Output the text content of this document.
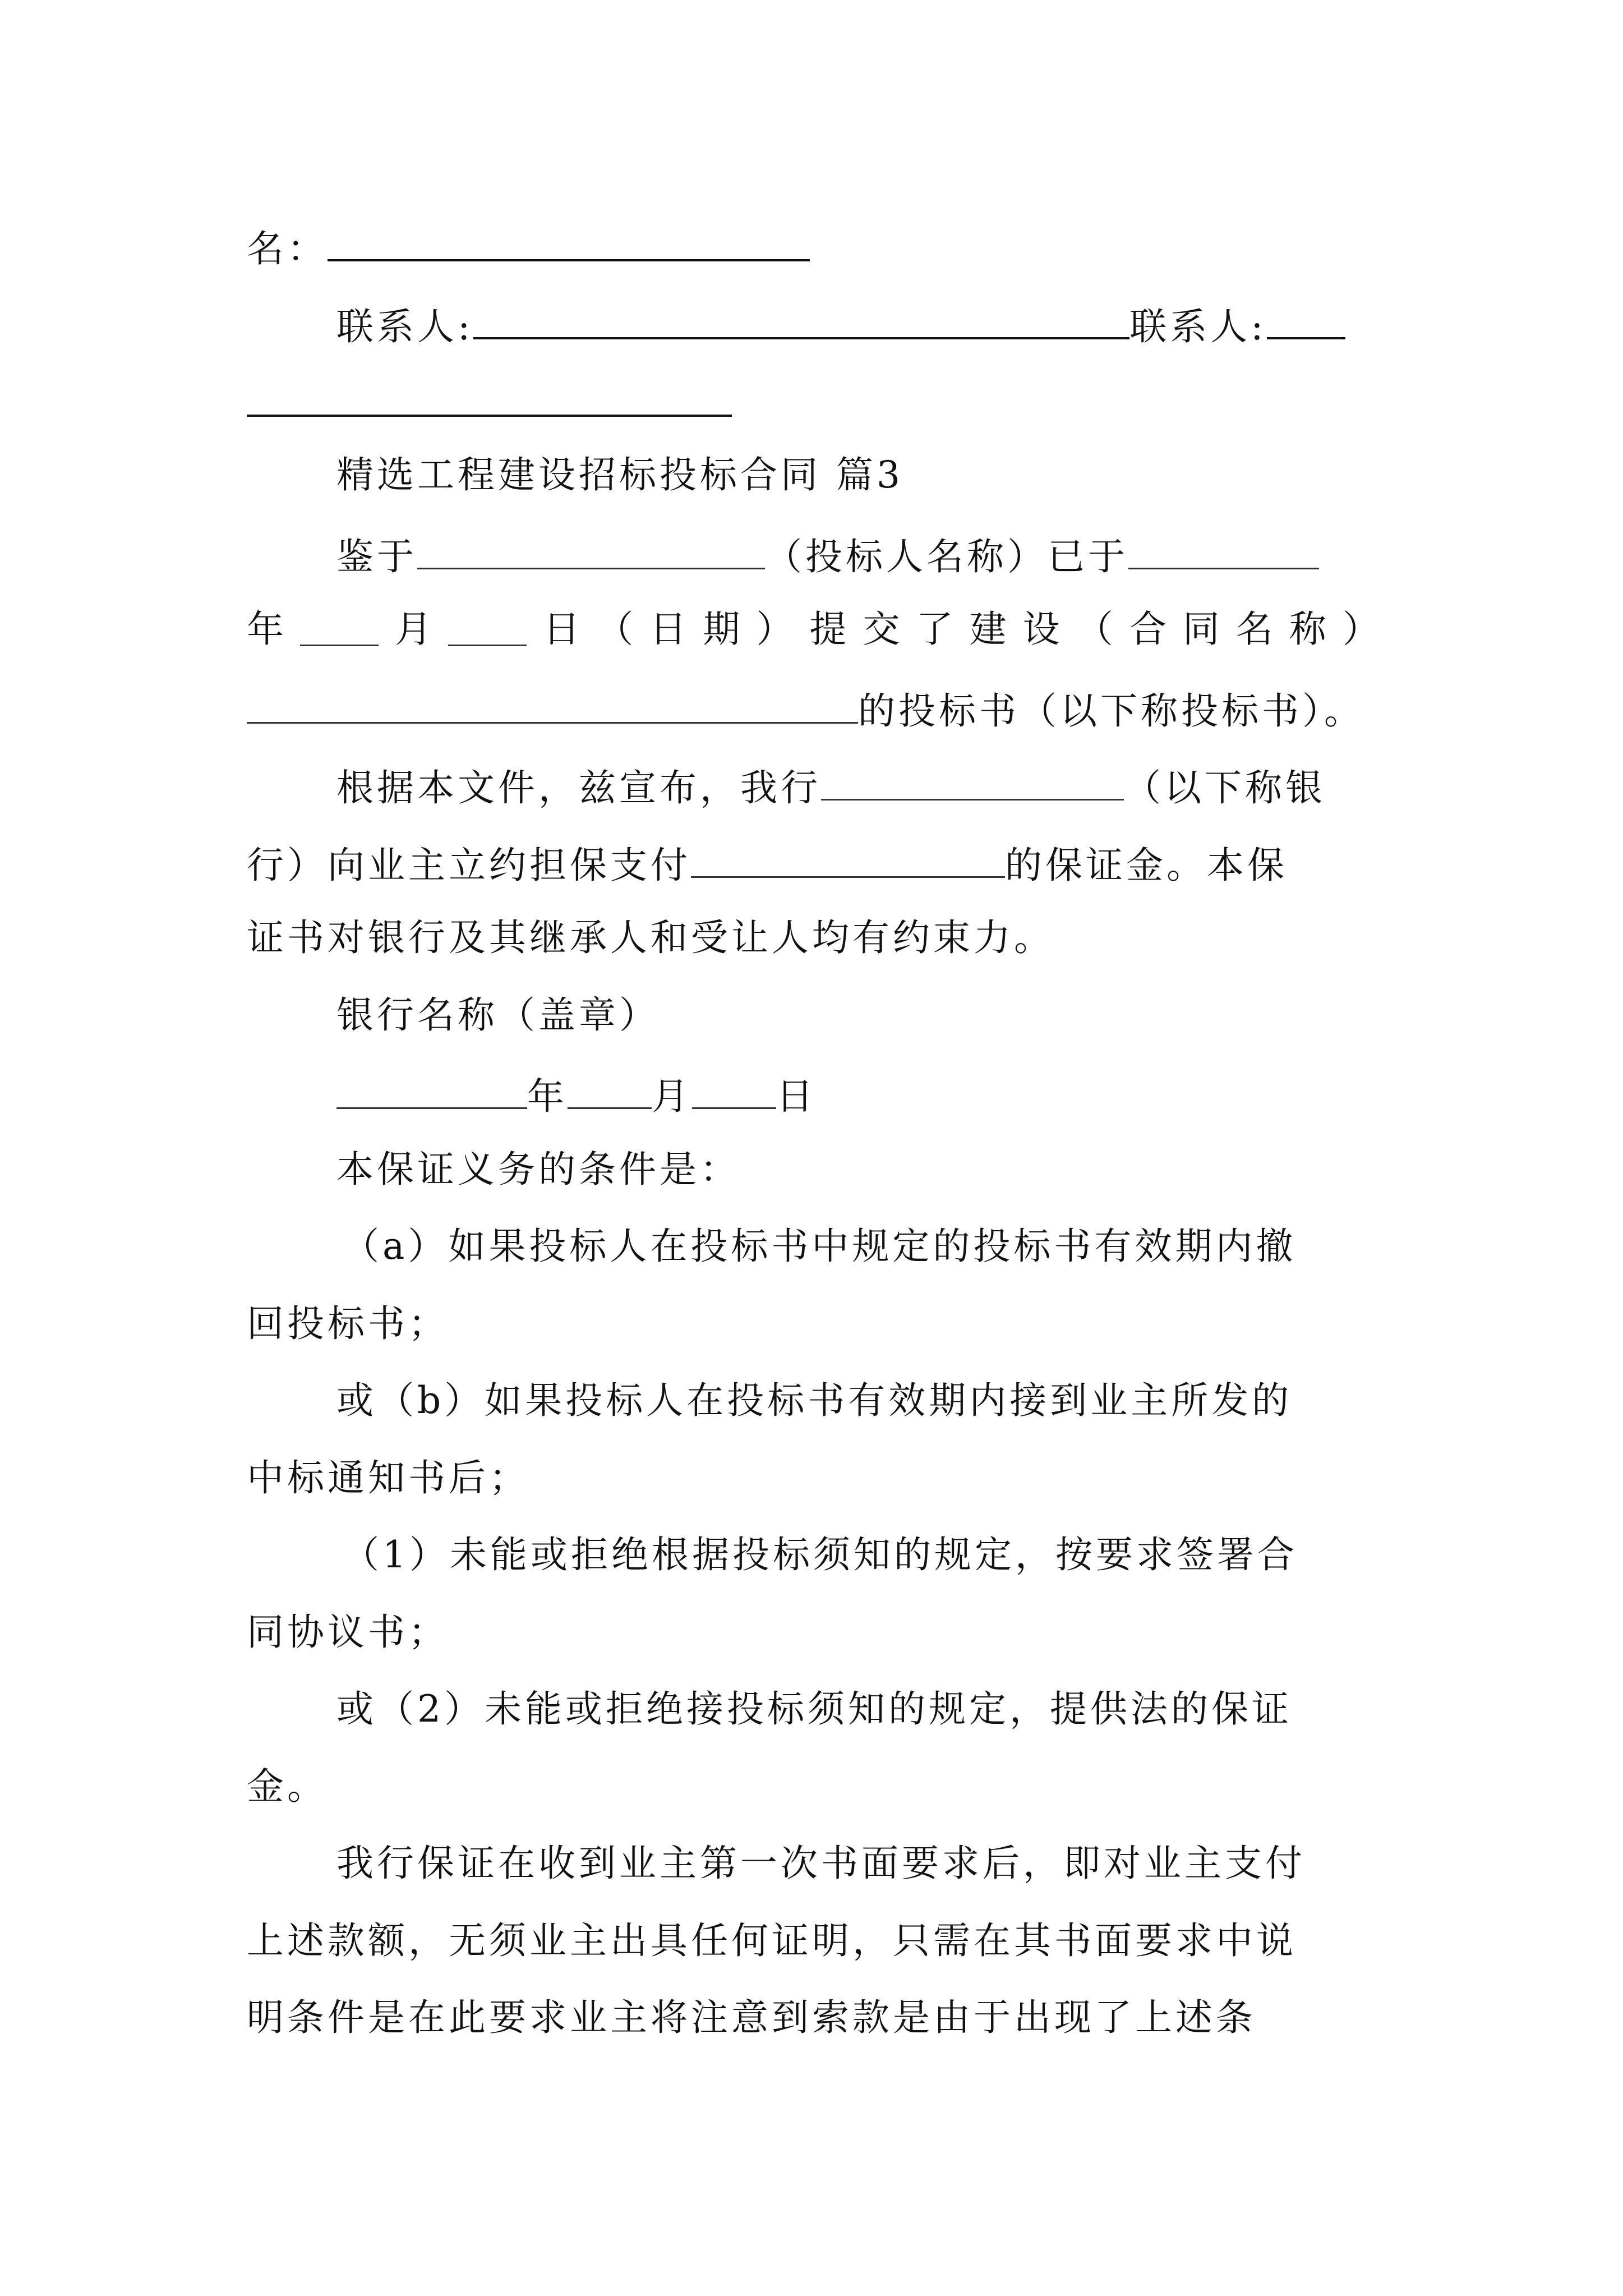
名：
联系人:	联系人:
精选工程建设招标投标合同 篇3
鉴于	（投标人名称）已于
年	月	日 （ 日 期 ） 提 交 了 建 设 （ 合 同 名 称 ）
的投标书（以下称投标书）。
根据本文件，兹宣布，我行	（以下称银
行）向业主立约担保支付	的保证金。本保
证书对银行及其继承人和受让人均有约束力。
银行名称（盖章）
年 月 日
本保证义务的条件是：
（a）如果投标人在投标书中规定的投标书有效期内撤
回投标书；
或（b）如果投标人在投标书有效期内接到业主所发的
中标通知书后；
（1）未能或拒绝根据投标须知的规定，按要求签署合
同协议书；
或（2）未能或拒绝接投标须知的规定，提供法的保证
金。
我行保证在收到业主第一次书面要求后，即对业主支付
上述款额，无须业主出具任何证明，只需在其书面要求中说
明条件是在此要求业主将注意到索款是由于出现了上述条
